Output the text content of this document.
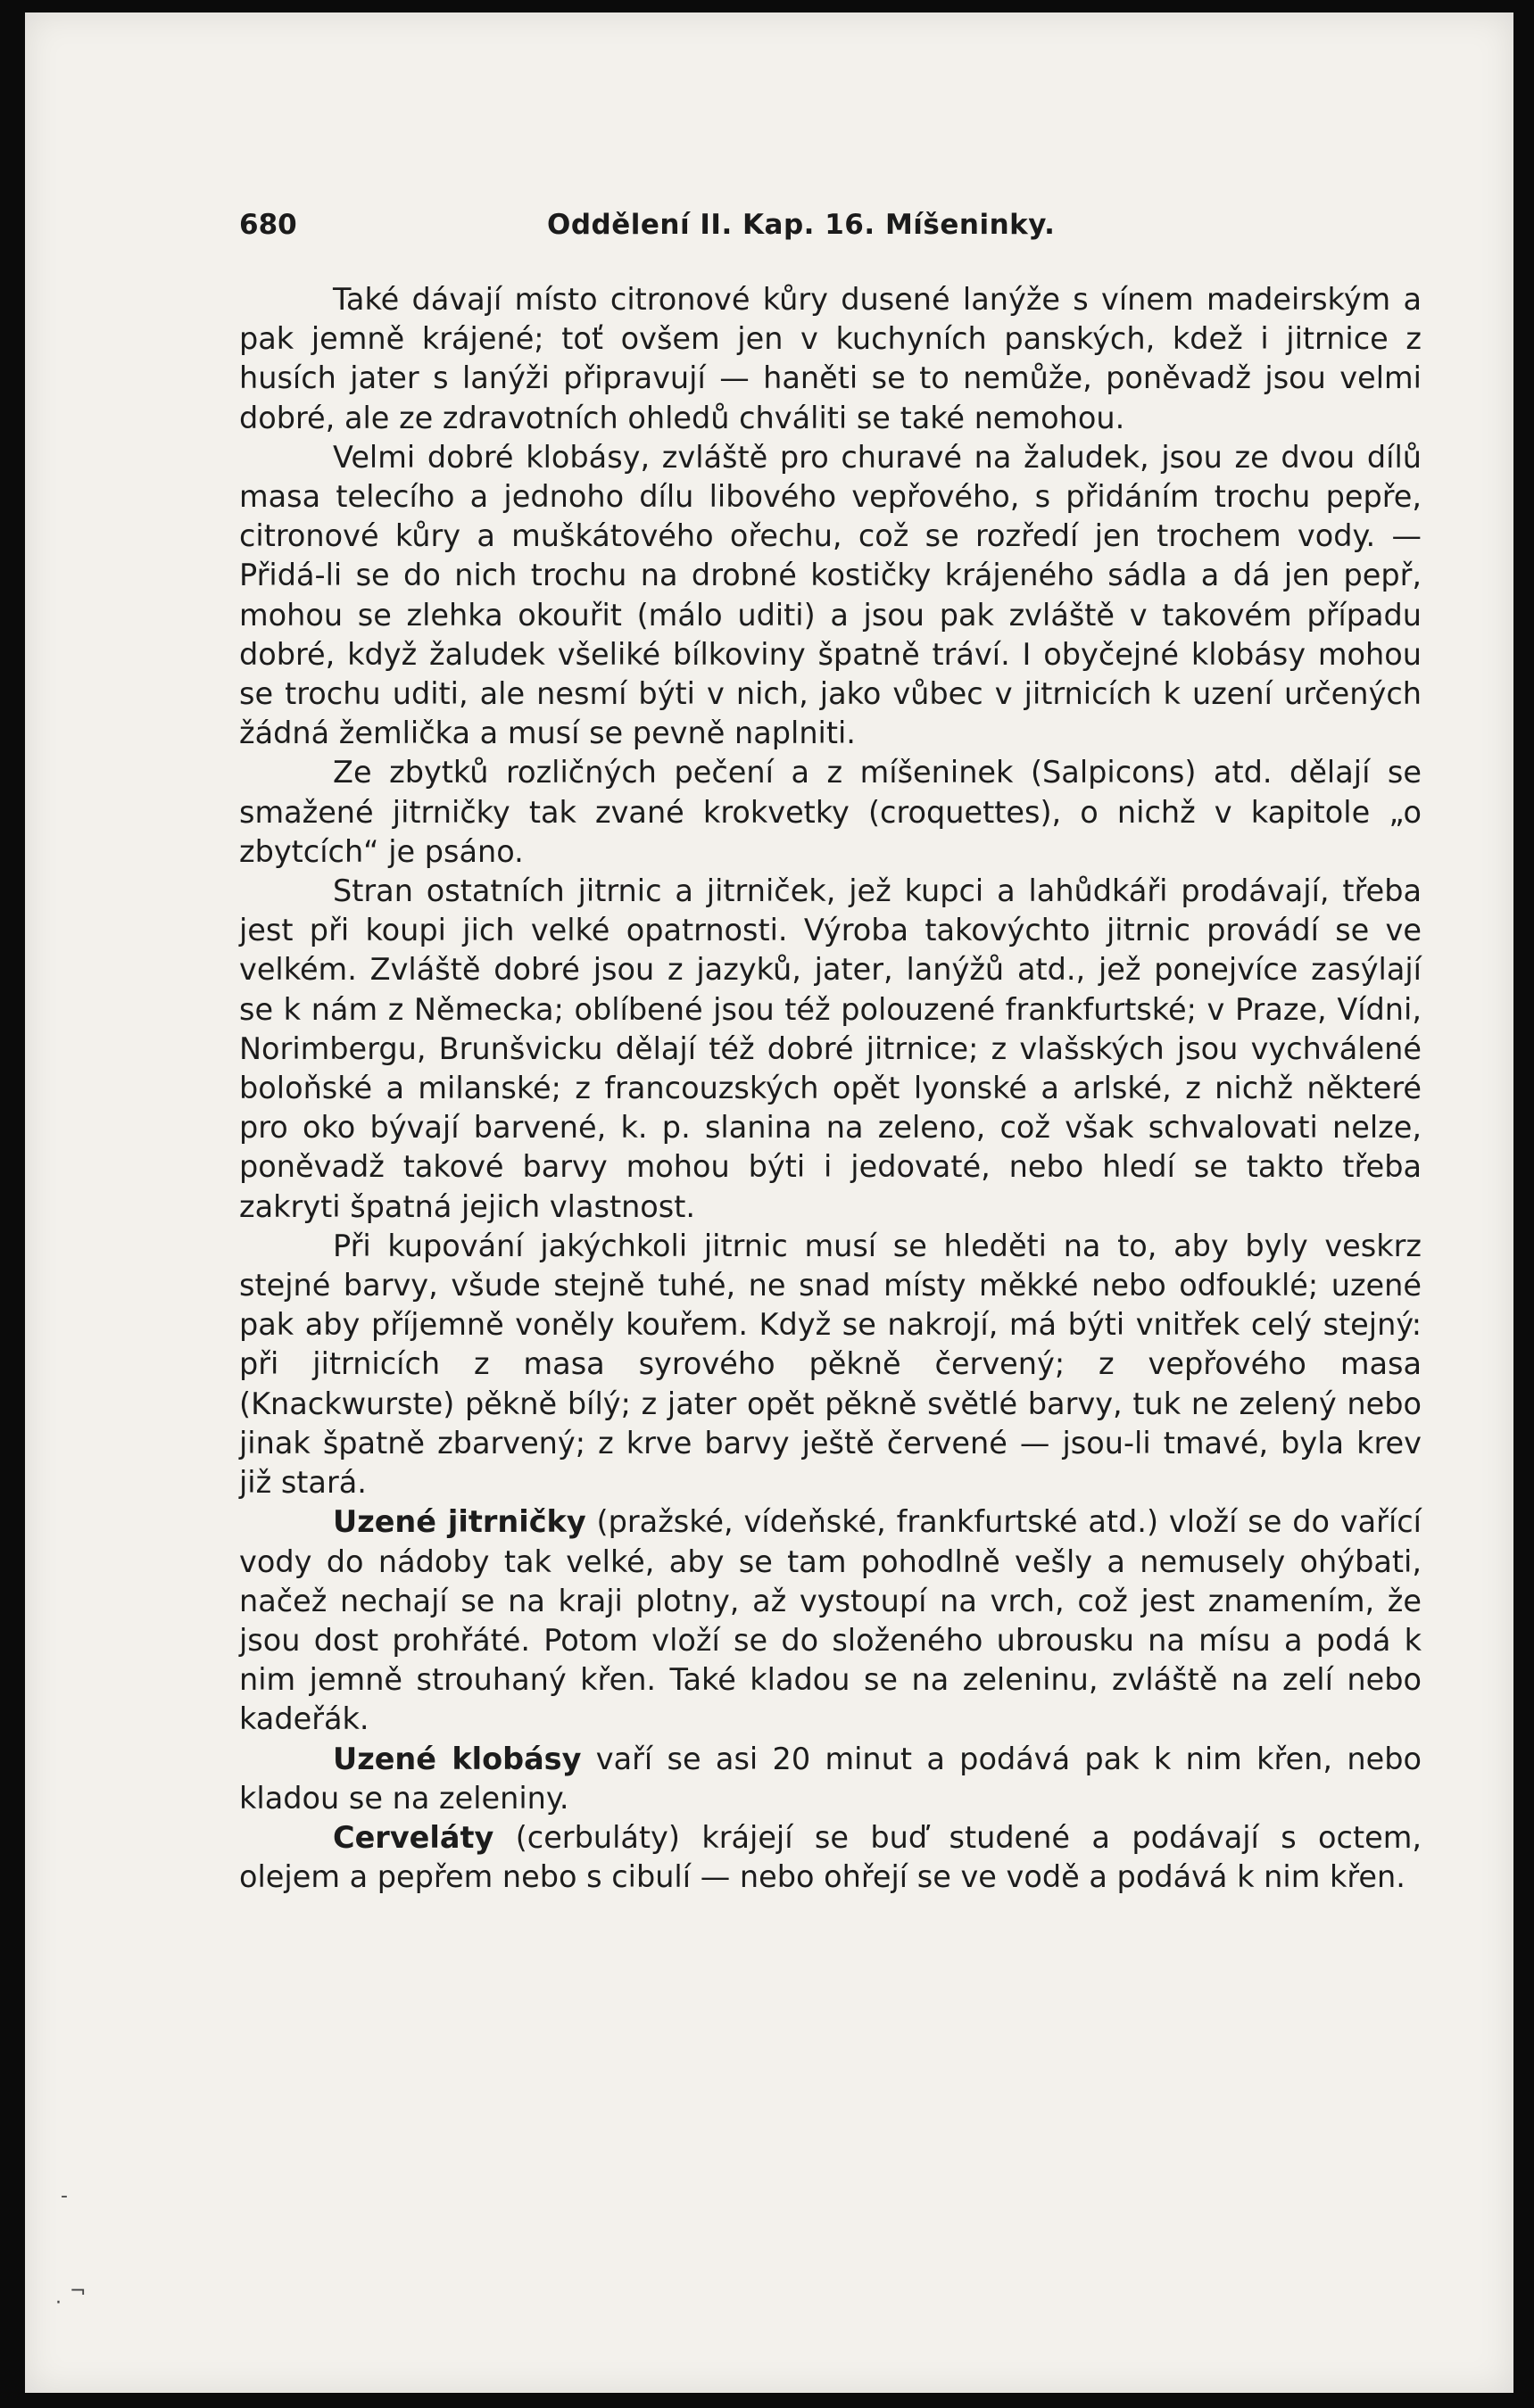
680	Oddělení II. Kap. 16. Míšeninky.

Také dávají místo citronové kůry dusené lanýže s vínem madeirským a pak jemně krájené; toť ovšem jen v kuchyních panských, kdež i jitrnice z husích jater s lanýži připravují — haněti se to nemůže, poněvadž jsou velmi dobré, ale ze zdravotních ohledů chváliti se také nemohou.

Velmi dobré klobásy, zvláště pro churavé na žaludek, jsou ze dvou dílů masa telecího a jednoho dílu libového vepřového, s přidáním trochu pepře, citronové kůry a muškátového ořechu, což se rozředí jen trochem vody. — Přidá-li se do nich trochu na drobné kostičky krájeného sádla a dá jen pepř, mohou se zlehka okouřit (málo uditi) a jsou pak zvláště v takovém případu dobré, když žaludek všeliké bílkoviny špatně tráví. I obyčejné klobásy mohou se trochu uditi, ale nesmí býti v nich, jako vůbec v jitrnicích k uzení určených žádná žemlička a musí se pevně naplniti.

Ze zbytků rozličných pečení a z míšeninek (Salpicons) atd. dělají se smažené jitrničky tak zvané krokvetky (croquettes), o nichž v kapitole „o zbytcích“ je psáno.

Stran ostatních jitrnic a jitrniček, jež kupci a lahůdkáři prodávají, třeba jest při koupi jich velké opatrnosti. Výroba takovýchto jitrnic provádí se ve velkém. Zvláště dobré jsou z jazyků, jater, lanýžů atd., jež ponejvíce zasýlají se k nám z Německa; oblíbené jsou též polouzené frankfurtské; v Praze, Vídni, Norimbergu, Brunšvicku dělají též dobré jitrnice; z vlašských jsou vychválené boloňské a milanské; z francouzských opět lyonské a arlské, z nichž některé pro oko bývají barvené, k. p. slanina na zeleno, což však schvalovati nelze, poněvadž takové barvy mohou býti i jedovaté, nebo hledí se takto třeba zakryti špatná jejich vlastnost.

Při kupování jakýchkoli jitrnic musí se hleděti na to, aby byly veskrz stejné barvy, všude stejně tuhé, ne snad místy měkké nebo odfouklé; uzené pak aby příjemně voněly kouřem. Když se nakrojí, má býti vnitřek celý stejný: při jitrnicích z masa syrového pěkně červený; z vepřového masa (Knackwurste) pěkně bílý; z jater opět pěkně světlé barvy, tuk ne zelený nebo jinak špatně zbarvený; z krve barvy ještě červené — jsou-li tmavé, byla krev již stará.

Uzené jitrničky (pražské, vídeňské, frankfurtské atd.) vloží se do vařící vody do nádoby tak velké, aby se tam pohodlně vešly a nemusely ohýbati, načež nechají se na kraji plotny, až vystoupí na vrch, což jest znamením, že jsou dost prohřáté. Potom vloží se do složeného ubrousku na mísu a podá k nim jemně strouhaný křen. Také kladou se na zeleninu, zvláště na zelí nebo kadeřák.

Uzené klobásy vaří se asi 20 minut a podává pak k nim křen, nebo kladou se na zeleniny.

Cerveláty (cerbuláty) krájejí se buď studené a podávají s octem, olejem a pepřem nebo s cibulí — nebo ohřejí se ve vodě a podává k nim křen.

-
·
¬
